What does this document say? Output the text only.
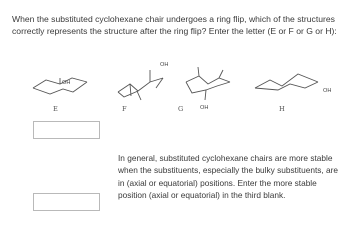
When the substituted cyclohexane chair undergoes a ring flip, which of the structures correctly represents the structure after the ring flip? Enter the letter (E or F or G or H):
OH
E
OH
F	OH
G
OH
H
In general, substituted cyclohexane chairs are more stable when the substituents, especially the bulky substituents, are in (axial or equatorial) positions. Enter the more stable position (axial or equatorial) in the third blank.
